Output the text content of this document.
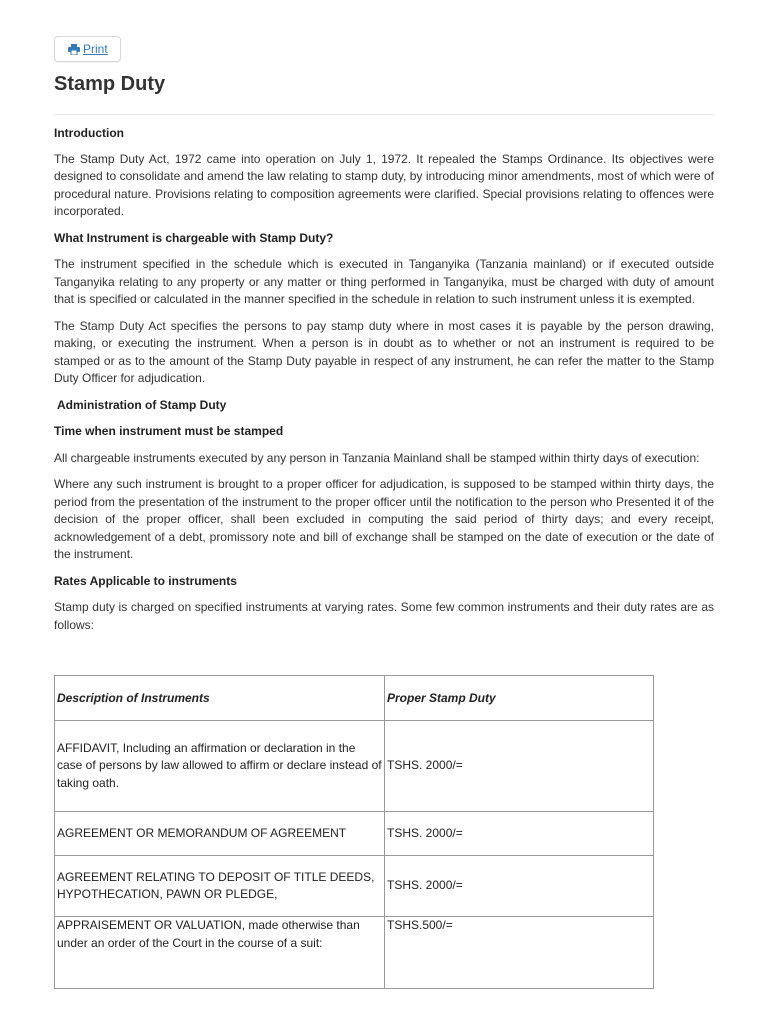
Print
Stamp Duty
Introduction
The Stamp Duty Act, 1972 came into operation on July 1, 1972. It repealed the Stamps Ordinance. Its objectives were designed to consolidate and amend the law relating to stamp duty, by introducing minor amendments, most of which were of procedural nature. Provisions relating to composition agreements were clarified. Special provisions relating to offences were incorporated.
What Instrument is chargeable with Stamp Duty?
The instrument specified in the schedule which is executed in Tanganyika (Tanzania mainland) or if executed outside Tanganyika relating to any property or any matter or thing performed in Tanganyika, must be charged with duty of amount that is specified or calculated in the manner specified in the schedule in relation to such instrument unless it is exempted.
The Stamp Duty Act specifies the persons to pay stamp duty where in most cases it is payable by the person drawing, making, or executing the instrument. When a person is in doubt as to whether or not an instrument is required to be stamped or as to the amount of the Stamp Duty payable in respect of any instrument, he can refer the matter to the Stamp Duty Officer for adjudication.
Administration of Stamp Duty
Time when instrument must be stamped
All chargeable instruments executed by any person in Tanzania Mainland shall be stamped within thirty days of execution:
Where any such instrument is brought to a proper officer for adjudication, is supposed to be stamped within thirty days, the period from the presentation of the instrument to the proper officer until the notification to the person who Presented it of the decision of the proper officer, shall been excluded in computing the said period of thirty days; and every receipt, acknowledgement of a debt, promissory note and bill of exchange shall be stamped on the date of execution or the date of the instrument.
Rates Applicable to instruments
Stamp duty is charged on specified instruments at varying rates. Some few common instruments and their duty rates are as follows:
Description of Instruments	Proper Stamp Duty
AFFIDAVIT, Including an affirmation or declaration in the case of persons by law allowed to affirm or declare instead of taking oath.	TSHS. 2000/=
AGREEMENT OR MEMORANDUM OF AGREEMENT	TSHS. 2000/=
AGREEMENT RELATING TO DEPOSIT OF TITLE DEEDS, HYPOTHECATION, PAWN OR PLEDGE,	TSHS. 2000/=
APPRAISEMENT OR VALUATION, made otherwise than under an order of the Court in the course of a suit:	TSHS.500/=
